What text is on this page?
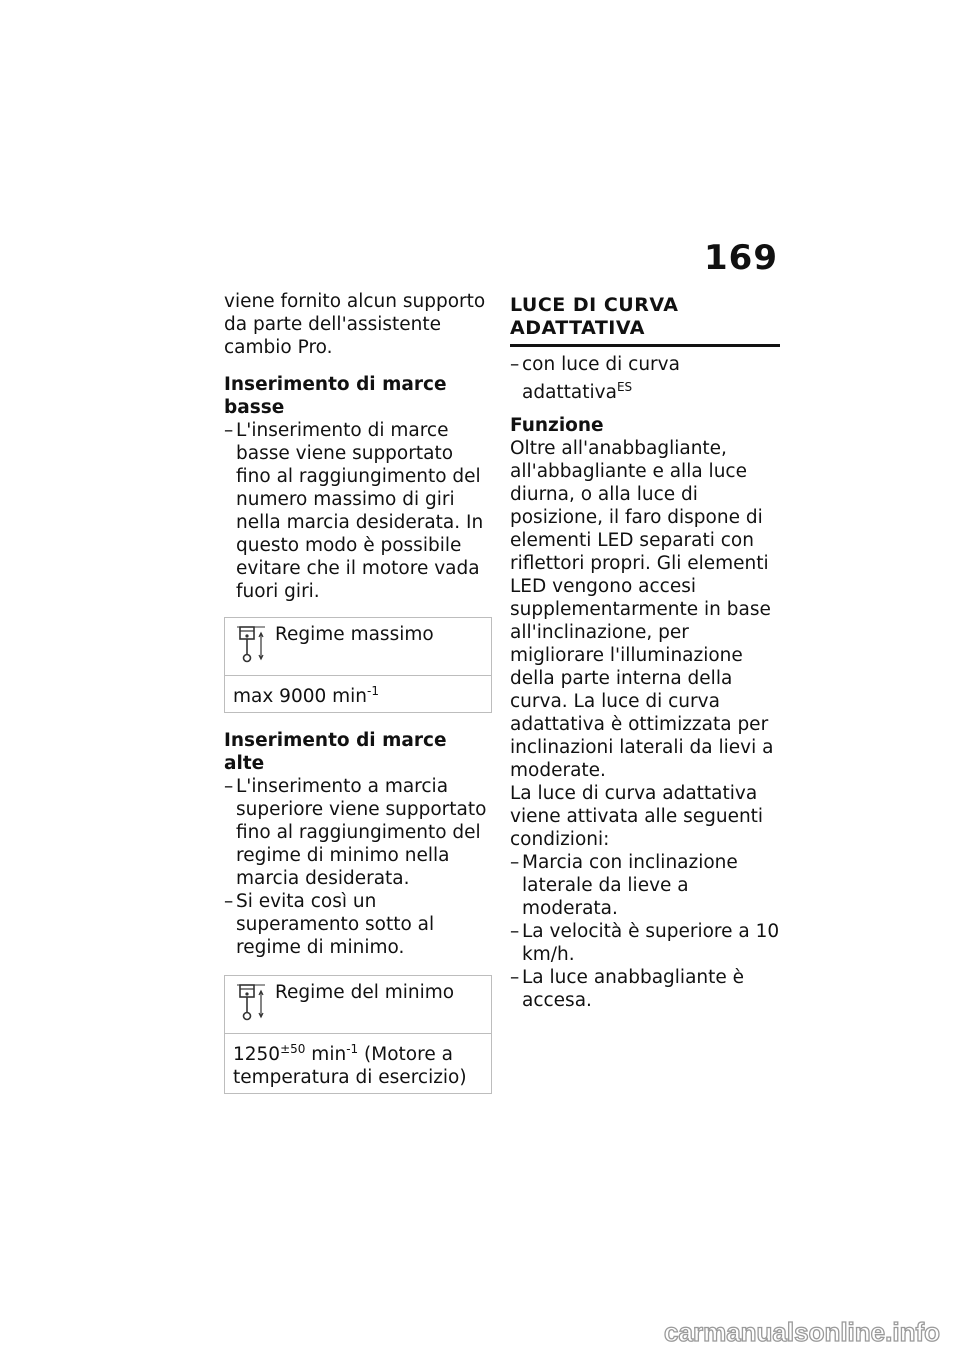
169

viene fornito alcun supporto da parte dell'assistente cambio Pro.

Inserimento di marce basse

– L'inserimento di marce basse viene supportato fino al raggiungimento del numero massimo di giri nella marcia desiderata. In questo modo è possibile evitare che il motore vada fuori giri.
Regime massimo
max 9000 $\min^{-1}$

Inserimento di marce alte

– L'inserimento a marcia superiore viene supportato fino al raggiungimento del regime di minimo nella marcia desiderata.
– Si evita così un superamento sotto al regime di minimo.
Regime del minimo
$1250^{\pm 50}$ $\min^{-1}$ (Motore a temperatura di esercizio)
LUCE DI CURVA ADATTATIVA
– con luce di curva adattativa$^{ES}$

Funzione

Oltre all'anabbagliante, all'abbagliante e alla luce diurna, o alla luce di posizione, il faro dispone di elementi LED separati con riflettori propri. Gli elementi LED vengono accesi supplementarmente in base all'inclinazione, per migliorare l'illuminazione della parte interna della curva. La luce di curva adattativa è ottimizzata per inclinazioni laterali da lievi a moderate.

La luce di curva adattativa viene attivata alle seguenti condizioni:

– Marcia con inclinazione laterale da lieve a moderata.
– La velocità è superiore a 10 km/h.
– La luce anabbagliante è accesa.
carmanualsonline.info
